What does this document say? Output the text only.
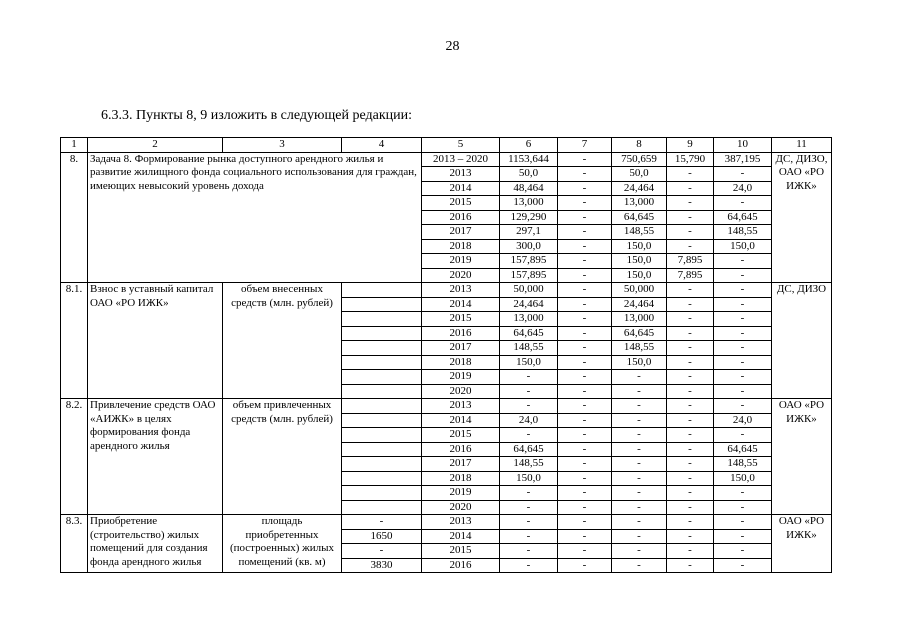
28
6.3.3. Пункты 8, 9 изложить в следующей редакции:
1	2	3	4	5	6	7	8	9	10	11
8.	Задача 8. Формирование рынка доступного арендного жилья и развитие жилищного фонда социального использования для граждан, имеющих невысокий уровень дохода			2013 – 2020	1153,644	-	750,659	15,790	387,195	ДС, ДИЗО, ОАО «РО ИЖК»
				2013	50,0	-	50,0	-	-	
				2014	48,464	-	24,464	-	24,0	
				2015	13,000	-	13,000	-	-	
				2016	129,290	-	64,645	-	64,645	
				2017	297,1	-	148,55	-	148,55	
				2018	300,0	-	150,0	-	150,0	
				2019	157,895	-	150,0	7,895	-	
				2020	157,895	-	150,0	7,895	-	
8.1.	Взнос в уставный капитал ОАО «РО ИЖК»	объем внесенных средств (млн. рублей)		2013	50,000	-	50,000	-	-	ДС, ДИЗО
				2014	24,464	-	24,464	-	-	
				2015	13,000	-	13,000	-	-	
				2016	64,645	-	64,645	-	-	
				2017	148,55	-	148,55	-	-	
				2018	150,0	-	150,0	-	-	
				2019	-	-	-	-	-	
				2020	-	-	-	-	-	
8.2.	Привлечение средств ОАО «АИЖК» в целях формирования фонда арендного жилья	объем привлеченных средств (млн. рублей)		2013	-	-	-	-	-	ОАО «РО ИЖК»
				2014	24,0	-	-	-	24,0	
				2015	-	-	-	-	-	
				2016	64,645	-	-	-	64,645	
				2017	148,55	-	-	-	148,55	
				2018	150,0	-	-	-	150,0	
				2019	-	-	-	-	-	
				2020	-	-	-	-	-	
8.3.	Приобретение (строительство) жилых помещений для создания фонда арендного жилья	площадь приобретенных (построенных) жилых помещений (кв. м)	-	2013	-	-	-	-	-	ОАО «РО ИЖК»
			1650	2014	-	-	-	-	-	
			-	2015	-	-	-	-	-	
			3830	2016	-	-	-	-	-	
